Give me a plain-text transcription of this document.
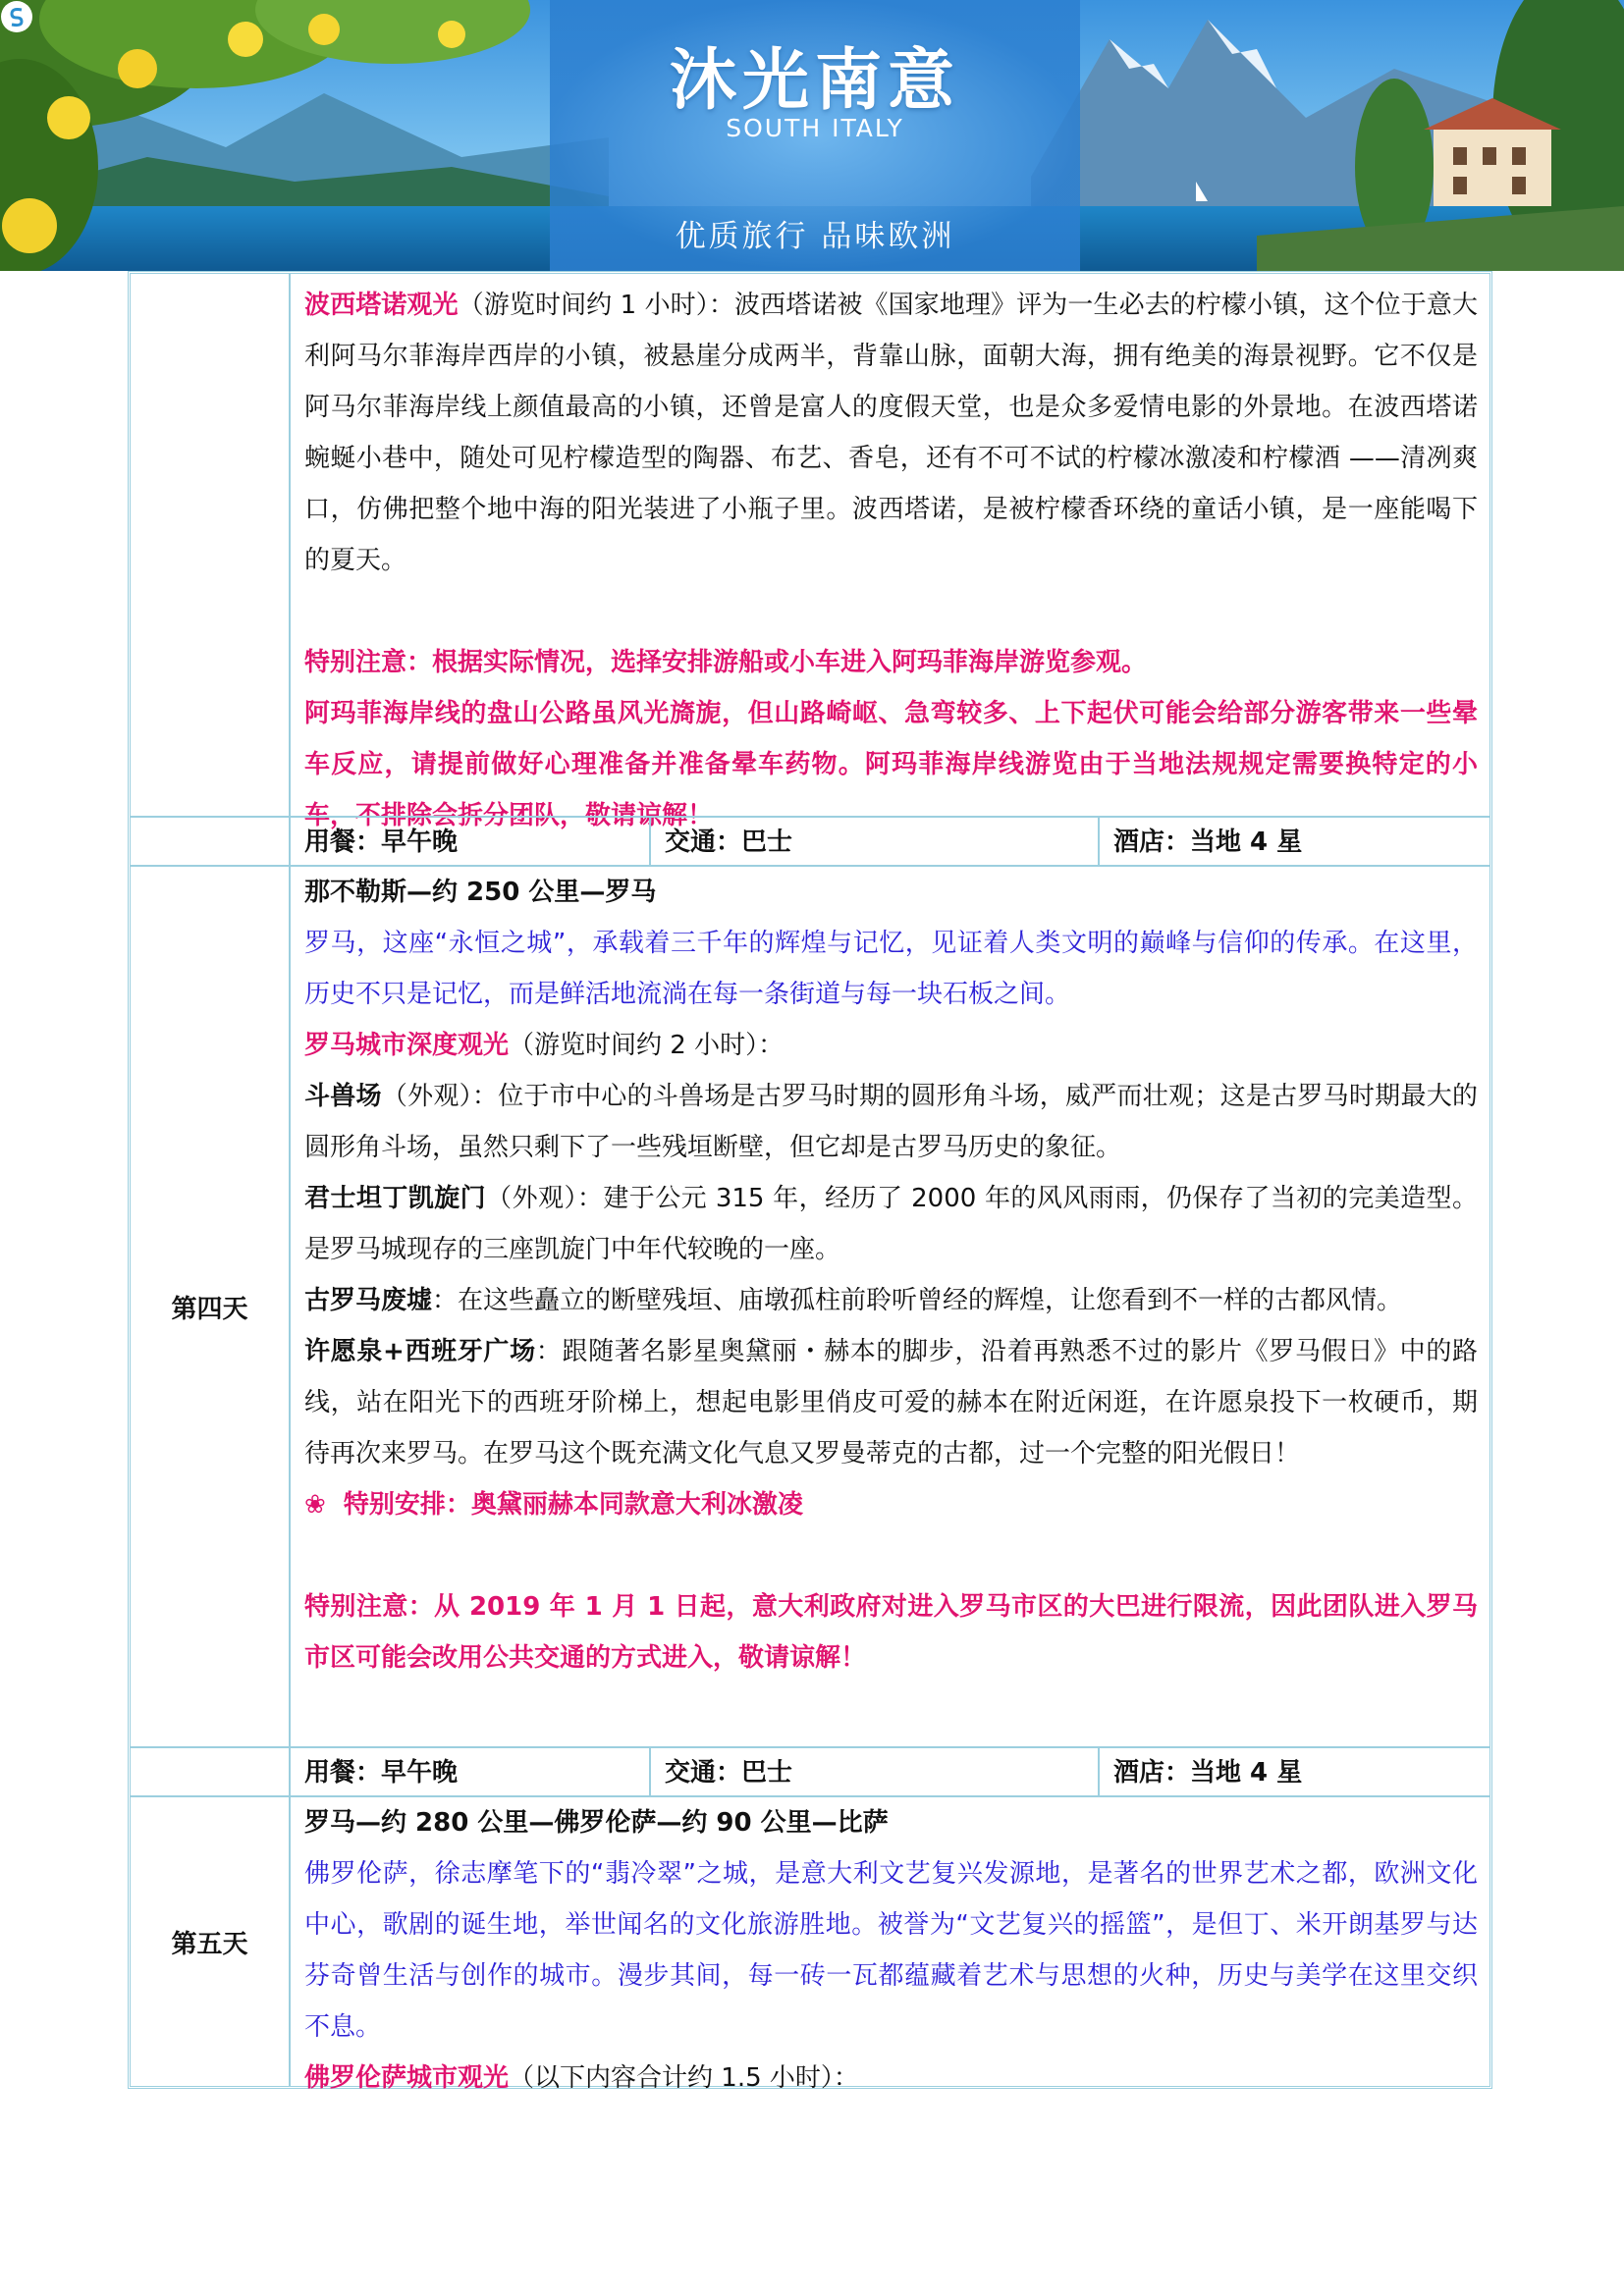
沐光南意
SOUTH ITALY
优质旅行 品味欧洲

波西塔诺观光（游览时间约 1 小时）：波西塔诺被《国家地理》评为一生必去的柠檬小镇，这个位于意大利阿马尔菲海岸西岸的小镇，被悬崖分成两半，背靠山脉，面朝大海，拥有绝美的海景视野。它不仅是阿马尔菲海岸线上颜值最高的小镇，还曾是富人的度假天堂，也是众多爱情电影的外景地。在波西塔诺蜿蜒小巷中，随处可见柠檬造型的陶器、布艺、香皂，还有不可不试的柠檬冰激凌和柠檬酒 ——清冽爽口，仿佛把整个地中海的阳光装进了小瓶子里。波西塔诺，是被柠檬香环绕的童话小镇，是一座能喝下的夏天。

特别注意：根据实际情况，选择安排游船或小车进入阿玛菲海岸游览参观。

阿玛菲海岸线的盘山公路虽风光旖旎，但山路崎岖、急弯较多、上下起伏可能会给部分游客带来一些晕车反应，请提前做好心理准备并准备晕车药物。阿玛菲海岸线游览由于当地法规规定需要换特定的小车，不排除会拆分团队，敬请谅解！

用餐：早午晚	交通：巴士	酒店：当地 4 星
第四天

那不勒斯—约 250 公里—罗马

罗马，这座“永恒之城”，承载着三千年的辉煌与记忆，见证着人类文明的巅峰与信仰的传承。在这里，历史不只是记忆，而是鲜活地流淌在每一条街道与每一块石板之间。

罗马城市深度观光（游览时间约 2 小时）：

斗兽场（外观）：位于市中心的斗兽场是古罗马时期的圆形角斗场，威严而壮观；这是古罗马时期最大的圆形角斗场，虽然只剩下了一些残垣断壁，但它却是古罗马历史的象征。

君士坦丁凯旋门（外观）：建于公元 315 年，经历了 2000 年的风风雨雨，仍保存了当初的完美造型。是罗马城现存的三座凯旋门中年代较晚的一座。

古罗马废墟：在这些矗立的断壁残垣、庙墩孤柱前聆听曾经的辉煌，让您看到不一样的古都风情。

许愿泉+西班牙广场：跟随著名影星奥黛丽・赫本的脚步，沿着再熟悉不过的影片《罗马假日》中的路线，站在阳光下的西班牙阶梯上，想起电影里俏皮可爱的赫本在附近闲逛，在许愿泉投下一枚硬币，期待再次来罗马。在罗马这个既充满文化气息又罗曼蒂克的古都，过一个完整的阳光假日！

❀ 特别安排：奥黛丽赫本同款意大利冰激凌

特别注意：从 2019 年 1 月 1 日起，意大利政府对进入罗马市区的大巴进行限流，因此团队进入罗马市区可能会改用公共交通的方式进入，敬请谅解！

用餐：早午晚	交通：巴士	酒店：当地 4 星
第五天

罗马—约 280 公里—佛罗伦萨—约 90 公里—比萨

佛罗伦萨，徐志摩笔下的“翡冷翠”之城，是意大利文艺复兴发源地，是著名的世界艺术之都，欧洲文化中心，歌剧的诞生地，举世闻名的文化旅游胜地。被誉为“文艺复兴的摇篮”，是但丁、米开朗基罗与达芬奇曾生活与创作的城市。漫步其间，每一砖一瓦都蕴藏着艺术与思想的火种，历史与美学在这里交织不息。

佛罗伦萨城市观光（以下内容合计约 1.5 小时）：
